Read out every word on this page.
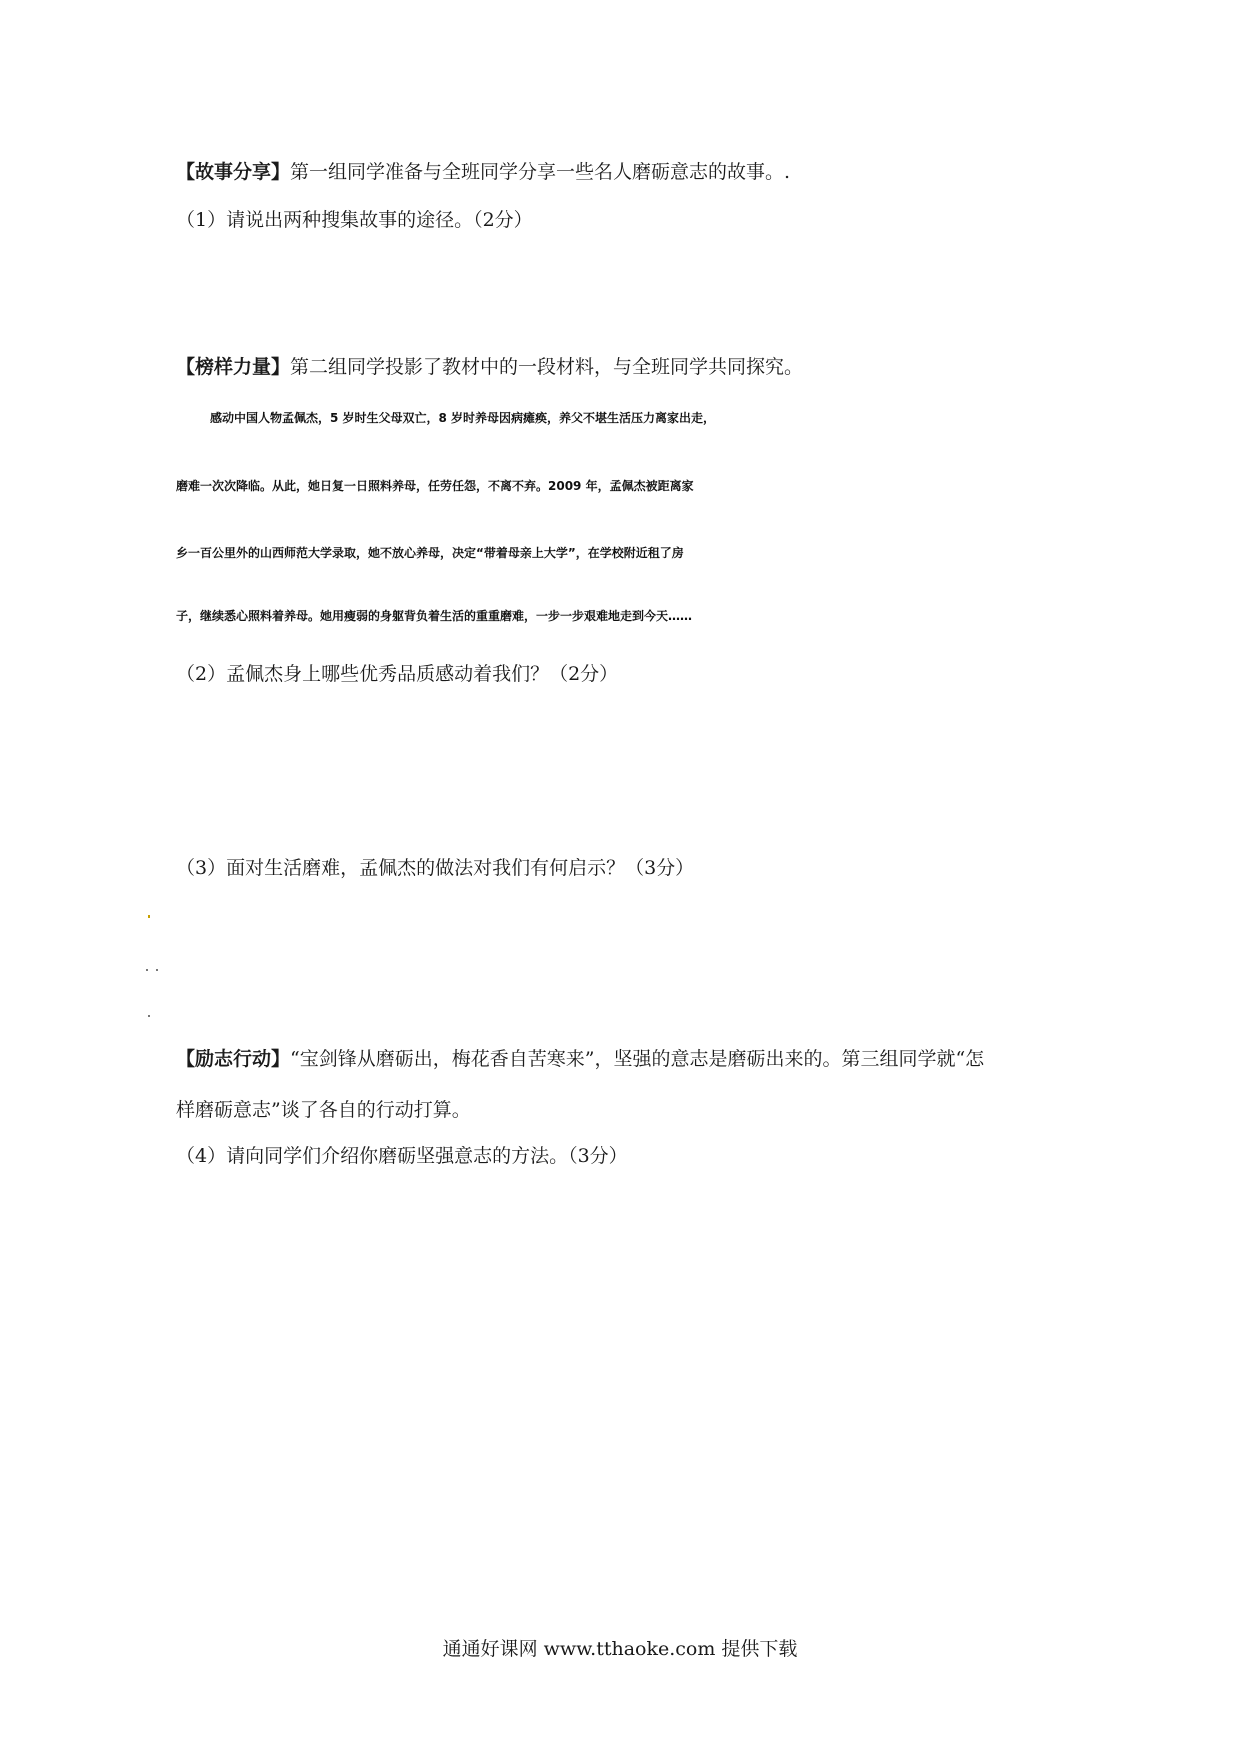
【故事分享】第一组同学准备与全班同学分享一些名人磨砺意志的故事。.
（1）请说出两种搜集故事的途径。（2分）
【榜样力量】第二组同学投影了教材中的一段材料，与全班同学共同探究。
感动中国人物孟佩杰，5 岁时生父母双亡，8 岁时养母因病瘫痪，养父不堪生活压力离家出走，
磨难一次次降临。从此，她日复一日照料养母，任劳任怨，不离不弃。2009 年，孟佩杰被距离家
乡一百公里外的山西师范大学录取，她不放心养母，决定“带着母亲上大学”，在学校附近租了房
子，继续悉心照料着养母。她用瘦弱的身躯背负着生活的重重磨难，一步一步艰难地走到今天……
（2）孟佩杰身上哪些优秀品质感动着我们？（2分）
（3）面对生活磨难，孟佩杰的做法对我们有何启示？（3分）
【励志行动】“宝剑锋从磨砺出，梅花香自苦寒来”，坚强的意志是磨砺出来的。第三组同学就“怎
样磨砺意志”谈了各自的行动打算。
（4）请向同学们介绍你磨砺坚强意志的方法。（3分）
通通好课网 www.tthaoke.com 提供下载
